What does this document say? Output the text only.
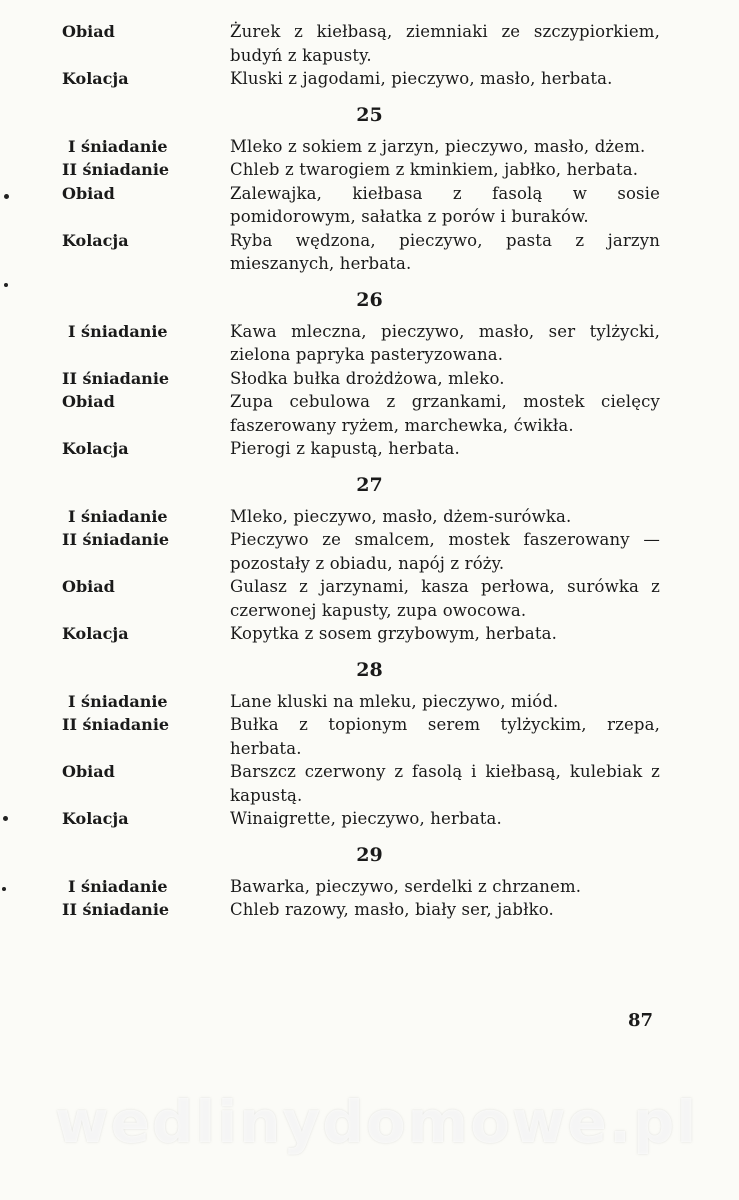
Obiad	Żurek z kiełbasą, ziemniaki ze szczypiorkiem, budyń z kapusty.
Kolacja	Kluski z jagodami, pieczywo, masło, herbata.
25
I śniadanie	Mleko z sokiem z jarzyn, pieczywo, masło, dżem.
II śniadanie	Chleb z twarogiem z kminkiem, jabłko, herbata.
Obiad	Zalewajka, kiełbasa z fasolą w sosie pomidorowym, sałatka z porów i buraków.
Kolacja	Ryba wędzona, pieczywo, pasta z jarzyn mieszanych, herbata.
26
I śniadanie	Kawa mleczna, pieczywo, masło, ser tylżycki, zielona papryka pasteryzowana.
II śniadanie	Słodka bułka drożdżowa, mleko.
Obiad	Zupa cebulowa z grzankami, mostek cielęcy faszerowany ryżem, marchewka, ćwikła.
Kolacja	Pierogi z kapustą, herbata.
27
I śniadanie	Mleko, pieczywo, masło, dżem-surówka.
II śniadanie	Pieczywo ze smalcem, mostek faszerowany — pozostały z obiadu, napój z róży.
Obiad	Gulasz z jarzynami, kasza perłowa, surówka z czerwonej kapusty, zupa owocowa.
Kolacja	Kopytka z sosem grzybowym, herbata.
28
I śniadanie	Lane kluski na mleku, pieczywo, miód.
II śniadanie	Bułka z topionym serem tylżyckim, rzepa, herbata.
Obiad	Barszcz czerwony z fasolą i kiełbasą, kulebiak z kapustą.
Kolacja	Winaigrette, pieczywo, herbata.
29
I śniadanie	Bawarka, pieczywo, serdelki z chrzanem.
II śniadanie	Chleb razowy, masło, biały ser, jabłko.
87
wedlinydomowe.pl
